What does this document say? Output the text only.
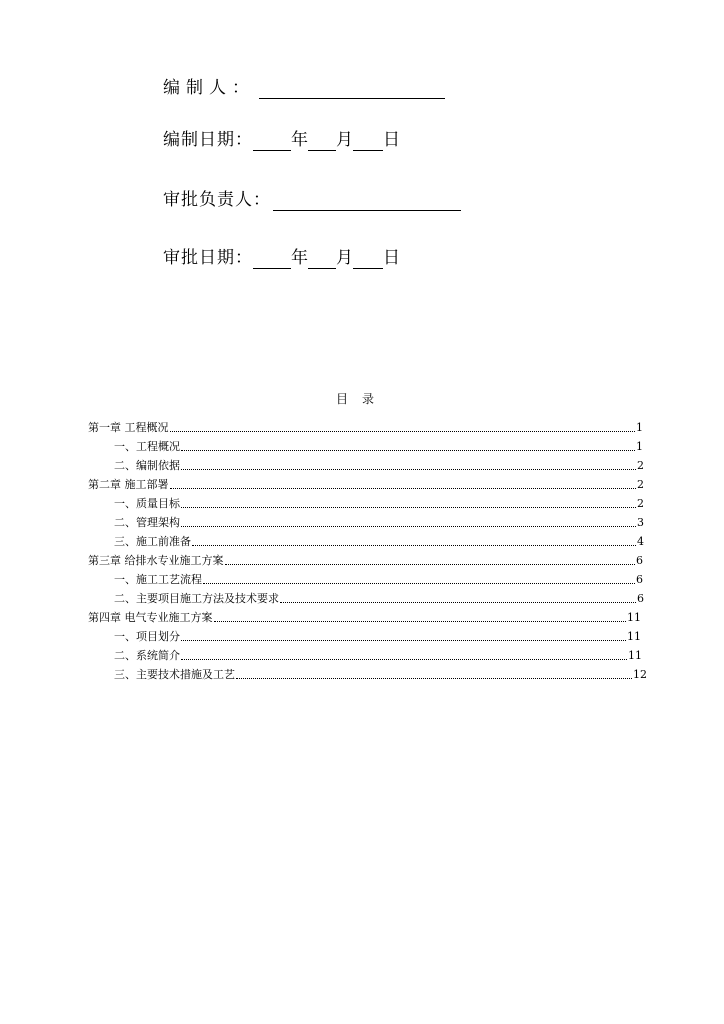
编制人：
编制日期： 年 月 日
审批负责人：
审批日期： 年 月 日
目录
第一章 工程概况	1
一、工程概况	1
二、编制依据	2
第二章 施工部署	2
一、质量目标	2
二、管理架构	3
三、施工前准备	4
第三章 给排水专业施工方案	6
一、施工工艺流程	6
二、主要项目施工方法及技术要求	6
第四章 电气专业施工方案	11
一、项目划分	11
二、系统简介	11
三、主要技术措施及工艺	12
